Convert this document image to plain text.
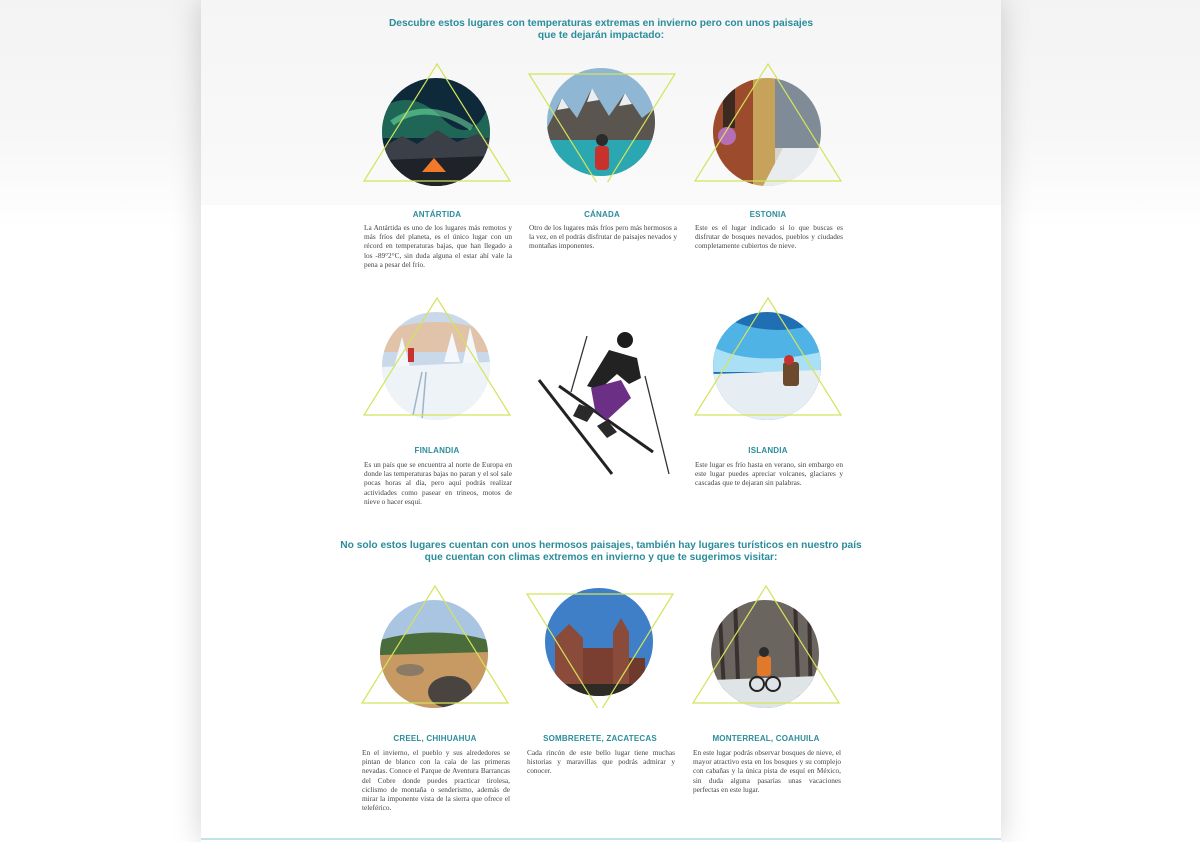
Descubre estos lugares con temperaturas extremas en invierno pero con unos paisajes
que te dejarán impactado:
No solo estos lugares cuentan con unos hermosos paisajes, también hay lugares turísticos en nuestro país
que cuentan con climas extremos en invierno y que te sugerimos visitar:
ANTÁRTIDA
La Antártida es uno de los lugares más remotos y más fríos del planeta, es el único lugar con un récord en temperaturas bajas, que han llegado a los -89°2°C, sin duda alguna el estar ahí vale la pena a pesar del frío.
CÁNADA
Otro de los lugares más fríos pero más hermosos a la vez, en el podrás disfrutar de paisajes nevados y montañas imponentes.
ESTONIA
Este es el lugar indicado si lo que buscas es disfrutar de bosques nevados, pueblos y ciudades completamente cubiertos de nieve.
FINLANDIA
Es un país que se encuentra al norte de Europa en donde las temperaturas bajas no paran y el sol sale pocas horas al día, pero aquí podrás realizar actividades como pasear en trineos, motos de nieve o hacer esquí.
ISLANDIA
Este lugar es frío hasta en verano, sin embargo en este lugar puedes apreciar volcanes, glaciares y cascadas que te dejaran sin palabras.
CREEL, CHIHUAHUA
En el invierno, el pueblo y sus alrededores se pintan de blanco con la caía de las primeras nevadas. Conoce el Parque de Aventura Barrancas del Cobre donde puedes practicar tirolesa, ciclismo de montaña o senderismo, además de mirar la imponente vista de la sierra que ofrece el teleférico.
SOMBRERETE, ZACATECAS
Cada rincón de este bello lugar tiene muchas historias y maravillas que podrás admirar y conocer.
MONTERREAL, COAHUILA
En este lugar podrás observar bosques de nieve, el mayor atractivo esta en los bosques y su complejo con cabañas y la única pista de esquí en México, sin duda alguna pasarías unas vacaciones perfectas en este lugar.
